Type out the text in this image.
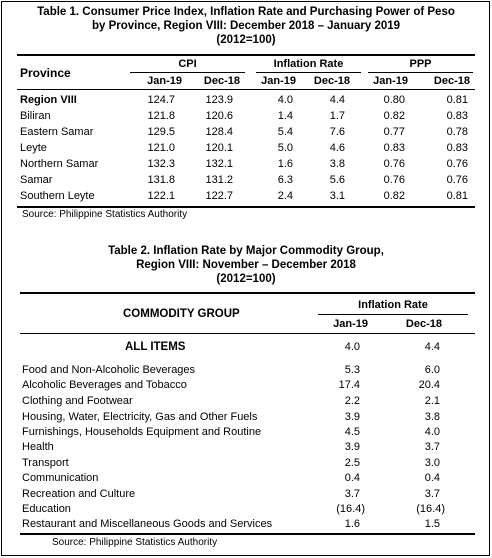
Table 1. Consumer Price Index, Inflation Rate and Purchasing Power of Peso

by Province, Region VIII: December 2018 – January 2019

(2012=100)

Province
CPI	Inflation Rate	PPP
Jan-19	Dec-18	Jan-19	Dec-18	Jan-19	Dec-18
Region VIII	124.7	123.9	4.0	4.4	0.80	0.81
Biliran	121.8	120.6	1.4	1.7	0.82	0.83
Eastern Samar	129.5	128.4	5.4	7.6	0.77	0.78
Leyte	121.0	120.1	5.0	4.6	0.83	0.83
Northern Samar	132.3	132.1	1.6	3.8	0.76	0.76
Samar	131.8	131.2	6.3	5.6	0.76	0.76
Southern Leyte	122.1	122.7	2.4	3.1	0.82	0.81
Source: Philippine Statistics Authority

Table 2. Inflation Rate by Major Commodity Group,

Region VIII: November – December 2018

(2012=100)

COMMODITY GROUP
Inflation Rate
Jan-19	Dec-18
ALL ITEMS	4.0	4.4
Food and Non-Alcoholic Beverages	5.3	6.0
Alcoholic Beverages and Tobacco	17.4	20.4
Clothing and Footwear	2.2	2.1
Housing, Water, Electricity, Gas and Other Fuels	3.9	3.8
Furnishings, Households Equipment and Routine	4.5	4.0
Health	3.9	3.7
Transport	2.5	3.0
Communication	0.4	0.4
Recreation and Culture	3.7	3.7
Education	(16.4)	(16.4)
Restaurant and Miscellaneous Goods and Services	1.6	1.5
Source: Philippine Statistics Authority
